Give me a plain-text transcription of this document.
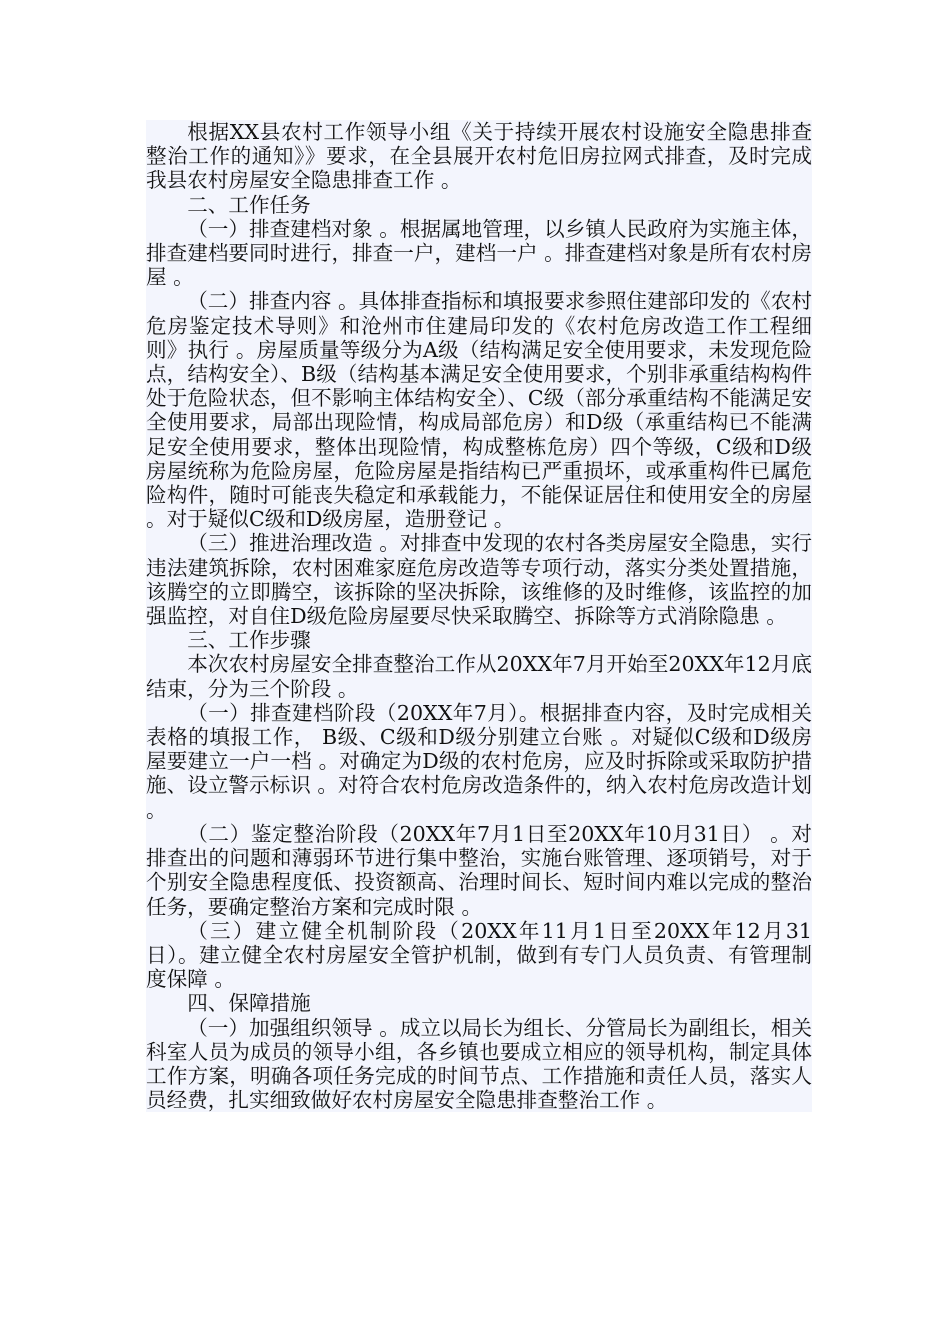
根据XX县农村工作领导小组《关于持续开展农村设施安全隐患排查整治工作的通知》》要求，在全县展开农村危旧房拉网式排查，及时完成我县农村房屋安全隐患排查工作 。

二、工作任务

（一）排查建档对象 。根据属地管理，以乡镇人民政府为实施主体，排查建档要同时进行，排查一户，建档一户 。排查建档对象是所有农村房屋 。

（二）排查内容 。具体排查指标和填报要求参照住建部印发的《农村危房鉴定技术导则》和沧州市住建局印发的《农村危房改造工作工程细则》执行 。房屋质量等级分为A级（结构满足安全使用要求，未发现危险点，结构安全）、B级（结构基本满足安全使用要求，个别非承重结构构件处于危险状态，但不影响主体结构安全）、C级（部分承重结构不能满足安全使用要求，局部出现险情，构成局部危房）和D级（承重结构已不能满足安全使用要求，整体出现险情，构成整栋危房）四个等级，C级和D级房屋统称为危险房屋，危险房屋是指结构已严重损坏，或承重构件已属危险构件，随时可能丧失稳定和承载能力，不能保证居住和使用安全的房屋 。对于疑似C级和D级房屋，造册登记 。

（三）推进治理改造 。对排查中发现的农村各类房屋安全隐患，实行违法建筑拆除，农村困难家庭危房改造等专项行动，落实分类处置措施，该腾空的立即腾空，该拆除的坚决拆除，该维修的及时维修，该监控的加强监控，对自住D级危险房屋要尽快采取腾空、拆除等方式消除隐患 。

三、工作步骤

本次农村房屋安全排查整治工作从20XX年7月开始至20XX年12月底结束，分为三个阶段 。

（一）排查建档阶段（20XX年7月）。根据排查内容，及时完成相关表格的填报工作， B级、C级和D级分别建立台账 。对疑似C级和D级房屋要建立一户一档 。对确定为D级的农村危房，应及时拆除或采取防护措施、设立警示标识 。对符合农村危房改造条件的，纳入农村危房改造计划 。

（二）鉴定整治阶段（20XX年7月1日至20XX年10月31日） 。对排查出的问题和薄弱环节进行集中整治，实施台账管理、逐项销号，对于个别安全隐患程度低、投资额高、治理时间长、短时间内难以完成的整治任务，要确定整治方案和完成时限 。

（三）建立健全机制阶段（20XX年11月1日至20XX年12月31日）。建立健全农村房屋安全管护机制，做到有专门人员负责、有管理制度保障 。

四、保障措施

（一）加强组织领导 。成立以局长为组长、分管局长为副组长，相关科室人员为成员的领导小组，各乡镇也要成立相应的领导机构，制定具体工作方案，明确各项任务完成的时间节点、工作措施和责任人员，落实人员经费，扎实细致做好农村房屋安全隐患排查整治工作 。
